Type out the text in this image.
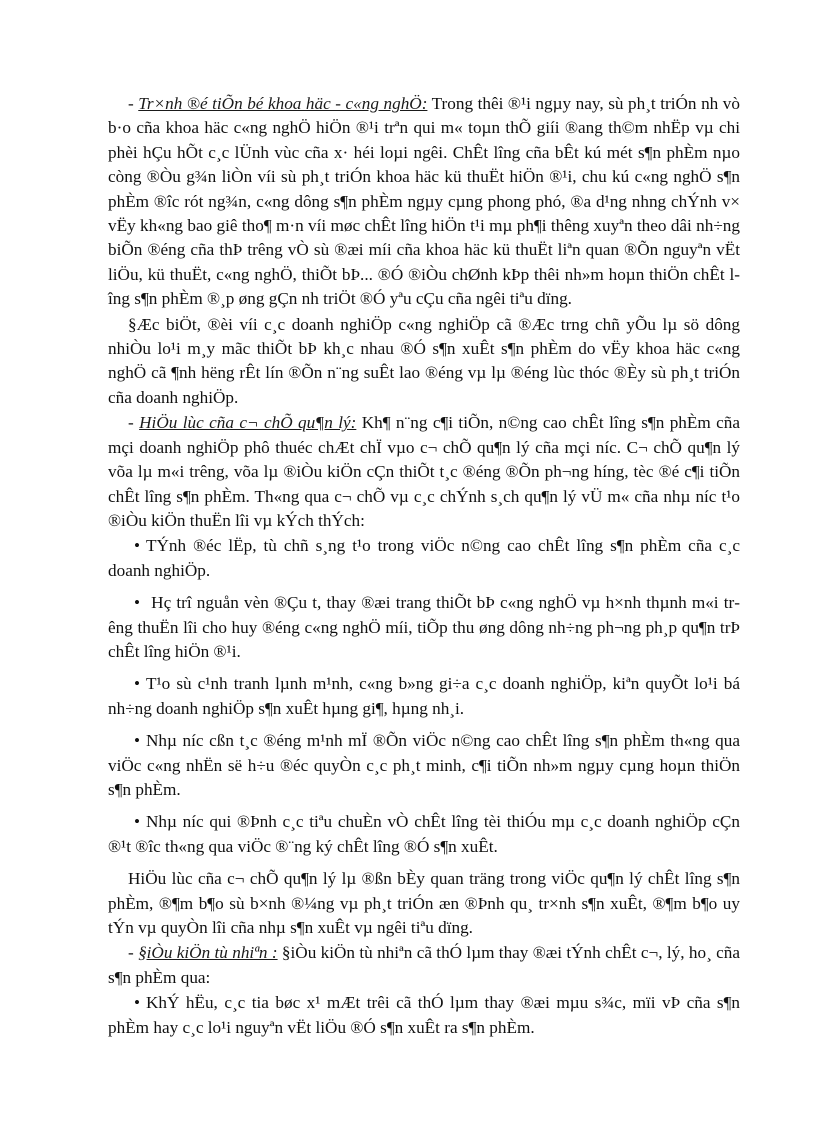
- Tr×nh ®é tiÕn bé khoa häc - c«ng nghÖ: Trong thêi ®¹i ngµy nay, sù ph¸t triÓn nh vò b·o cña khoa häc c«ng nghÖ hiÖn ®¹i trªn qui m« toµn thÕ giíi ®ang th©m nhËp vµ chi phèi hÇu hÕt c¸c lÜnh vùc cña x· héi loµi ngêi. ChÊt lîng cña bÊt kú mét s¶n phÈm nµo còng ®Òu g¾n liÒn víi sù ph¸t triÓn khoa häc kü thuËt hiÖn ®¹i, chu kú c«ng nghÖ s¶n phÈm ®îc rót ng¾n, c«ng dông s¶n phÈm ngµy cµng phong phó, ®a d¹ng nhng chÝnh v× vËy kh«ng bao giê tho¶ m·n víi møc chÊt lîng hiÖn t¹i mµ ph¶i thêng xuyªn theo dâi nh÷ng biÕn ®éng cña thÞ trêng vÒ sù ®æi míi cña khoa häc kü thuËt liªn quan ®Õn nguyªn vËt liÖu, kü thuËt, c«ng nghÖ, thiÕt bÞ... ®Ó ®iÒu chØnh kÞp thêi nh»m hoµn thiÖn chÊt lîng s¶n phÈm ®¸p øng gÇn nh triÖt ®Ó yªu cÇu cña ngêi tiªu dïng.

§Æc biÖt, ®èi víi c¸c doanh nghiÖp c«ng nghiÖp cã ®Æc trng chñ yÕu lµ sö dông nhiÒu lo¹i m¸y mãc thiÕt bÞ kh¸c nhau ®Ó s¶n xuÊt s¶n phÈm do vËy khoa häc c«ng nghÖ cã ¶nh hëng rÊt lín ®Õn n¨ng suÊt lao ®éng vµ lµ ®éng lùc thóc ®Èy sù ph¸t triÓn cña doanh nghiÖp.

- HiÖu lùc cña c¬ chÕ qu¶n lý: Kh¶ n¨ng c¶i tiÕn, n©ng cao chÊt lîng s¶n phÈm cña mçi doanh nghiÖp phô thuéc chÆt chÏ vµo c¬ chÕ qu¶n lý cña mçi níc. C¬ chÕ qu¶n lý võa lµ m«i trêng, võa lµ ®iÒu kiÖn cÇn thiÕt t¸c ®éng ®Õn ph¬ng híng, tèc ®é c¶i tiÕn chÊt lîng s¶n phÈm. Th«ng qua c¬ chÕ vµ c¸c chÝnh s¸ch qu¶n lý vÜ m« cña nhµ níc t¹o ®iÒu kiÖn thuËn lîi vµ kÝch thÝch:

• TÝnh ®éc lËp, tù chñ s¸ng t¹o trong viÖc n©ng cao chÊt lîng s¶n phÈm cña c¸c doanh nghiÖp.

• Hç trî nguån vèn ®Çu t, thay ®æi trang thiÕt bÞ c«ng nghÖ vµ h×nh thµnh m«i trêng thuËn lîi cho huy ®éng c«ng nghÖ míi, tiÕp thu øng dông nh÷ng ph¬ng ph¸p qu¶n trÞ chÊt lîng hiÖn ®¹i.

• T¹o sù c¹nh tranh lµnh m¹nh, c«ng b»ng gi÷a c¸c doanh nghiÖp, kiªn quyÕt lo¹i bá nh÷ng doanh nghiÖp s¶n xuÊt hµng gi¶, hµng nh¸i.

• Nhµ níc cßn t¸c ®éng m¹nh mÏ ®Õn viÖc n©ng cao chÊt lîng s¶n phÈm th«ng qua viÖc c«ng nhËn së h÷u ®éc quyÒn c¸c ph¸t minh, c¶i tiÕn nh»m ngµy cµng hoµn thiÖn s¶n phÈm.

• Nhµ níc qui ®Þnh c¸c tiªu chuÈn vÒ chÊt lîng tèi thiÓu mµ c¸c doanh nghiÖp cÇn ®¹t ®îc th«ng qua viÖc ®¨ng ký chÊt lîng ®Ó s¶n xuÊt.

HiÖu lùc cña c¬ chÕ qu¶n lý lµ ®ßn bÈy quan träng trong viÖc qu¶n lý chÊt lîng s¶n phÈm, ®¶m b¶o sù b×nh ®¼ng vµ ph¸t triÓn æn ®Þnh qu¸ tr×nh s¶n xuÊt, ®¶m b¶o uy tÝn vµ quyÒn lîi cña nhµ s¶n xuÊt vµ ngêi tiªu dïng.

- §iÒu kiÖn tù nhiªn : §iÒu kiÖn tù nhiªn cã thÓ lµm thay ®æi tÝnh chÊt c¬, lý, ho¸ cña s¶n phÈm qua:

• KhÝ hËu, c¸c tia bøc x¹ mÆt trêi cã thÓ lµm thay ®æi mµu s¾c, mïi vÞ cña s¶n phÈm hay c¸c lo¹i nguyªn vËt liÖu ®Ó s¶n xuÊt ra s¶n phÈm.
